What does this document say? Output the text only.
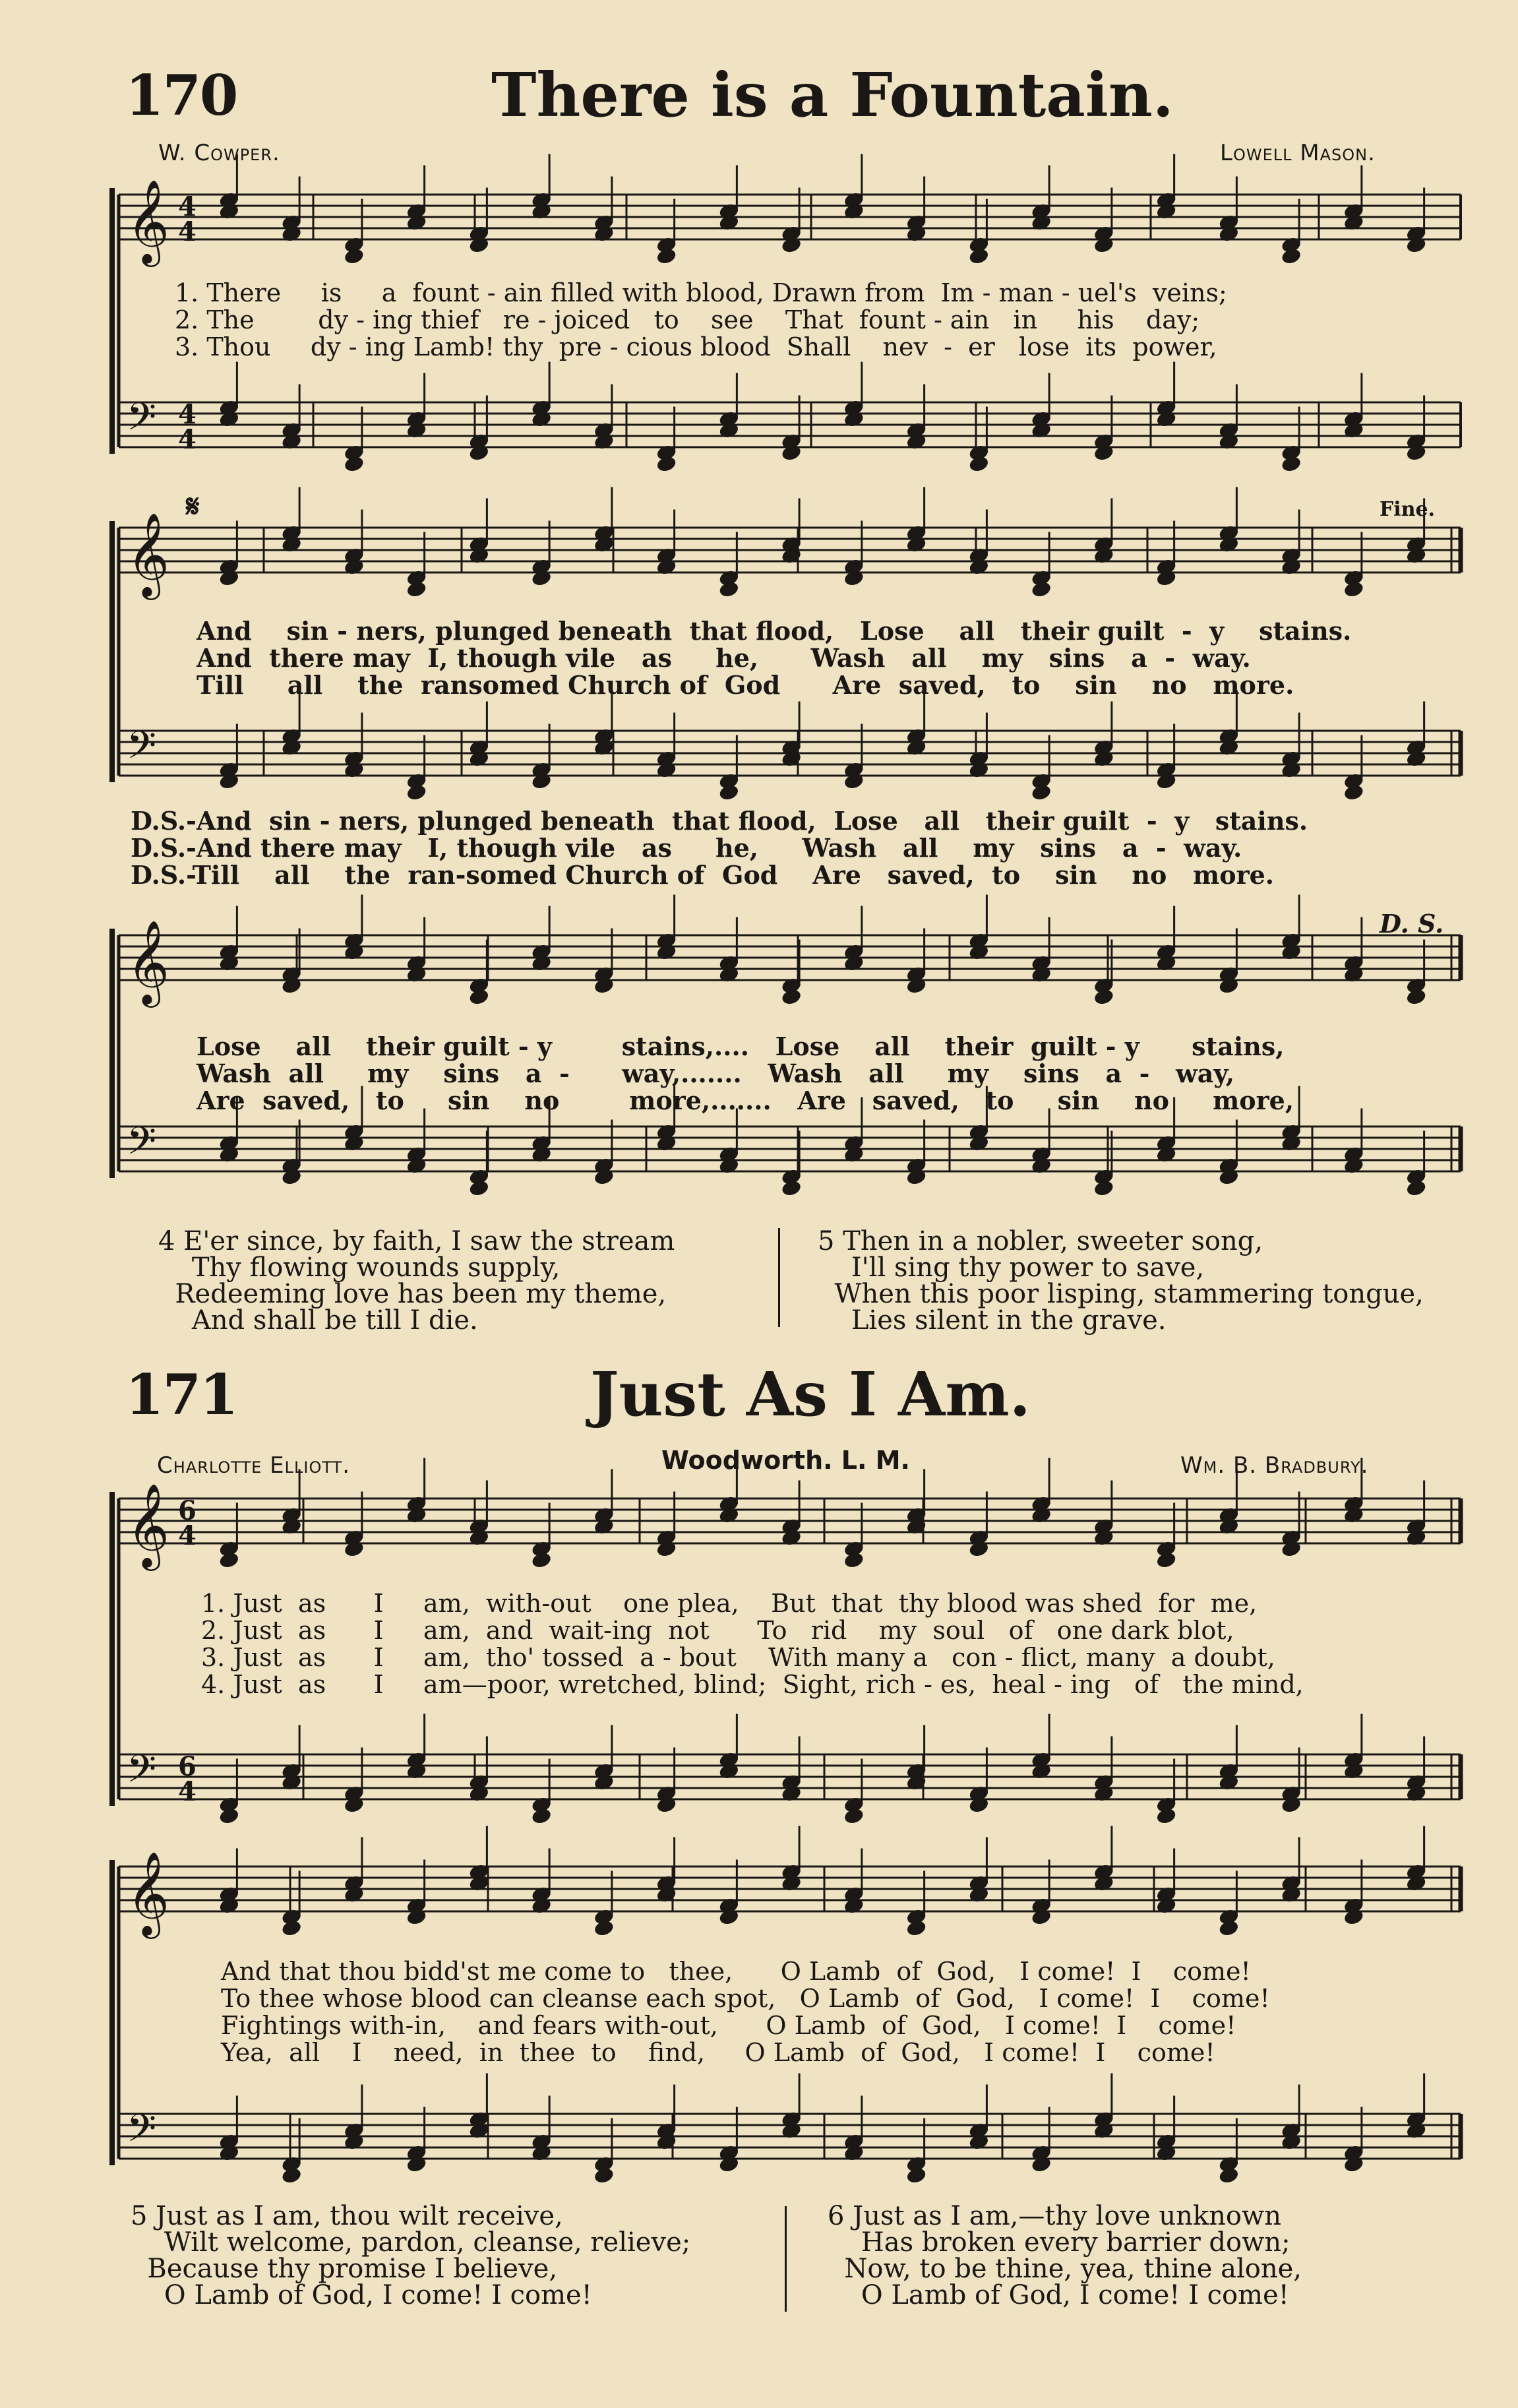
170	There is a Fountain.
W. Cowper.	Lowell Mason.
𝄞
𝄢
4
4
4
4
𝄞
𝄢
𝄞
𝄢
𝄞
𝄢
6
4
6
4
𝄞
𝄢
1. There     is     a  fount - ain filled with blood, Drawn from  Im - man - uel's  veins;
2. The        dy - ing thief   re - joiced   to    see    That  fount - ain   in     his    day;
3. Thou     dy - ing Lamb! thy  pre - cious blood  Shall    nev  -  er   lose  its  power,
𝄋	Fine.
And    sin - ners, plunged beneath  that flood,   Lose    all   their guilt  -  y    stains.
And  there may  I, though vile   as     he,      Wash   all    my   sins   a  -  way.
Till     all    the  ransomed Church of  God      Are  saved,   to    sin    no   more.
D.S.-And  sin - ners, plunged beneath  that flood,  Lose   all   their guilt  -  y   stains.
D.S.-And there may   I, though vile   as     he,     Wash   all    my   sins   a  -  way.
D.S.-Till    all    the  ran-somed Church of  God    Are   saved,  to    sin    no   more.
D. S.
Lose    all    their guilt - y        stains,....   Lose    all    their  guilt - y      stains,
Wash  all     my    sins   a  -      way,.......   Wash   all     my    sins   a  -   way,
Are  saved,   to     sin    no        more,.......   Are   saved,   to     sin    no     more,
4 E'er since, by faith, I saw the stream
Thy flowing wounds supply,
Redeeming love has been my theme,
And shall be till I die.
5 Then in a nobler, sweeter song,
I'll sing thy power to save,
When this poor lisping, stammering tongue,
Lies silent in the grave.
171	Just As I Am.
Charlotte Elliott.	Woodworth. L. M.	Wm. B. Bradbury.
1. Just  as      I     am,  with-out    one plea,    But  that  thy blood was shed  for  me,
2. Just  as      I     am,  and  wait-ing  not      To   rid    my  soul   of   one dark blot,
3. Just  as      I     am,  tho' tossed  a - bout    With many a   con - flict, many  a doubt,
4. Just  as      I     am—poor, wretched, blind;  Sight, rich - es,  heal - ing   of   the mind,
And that thou bidd'st me come to   thee,      O Lamb  of  God,   I come!  I    come!
To thee whose blood can cleanse each spot,   O Lamb  of  God,   I come!  I    come!
Fightings with-in,    and fears with-out,      O Lamb  of  God,   I come!  I    come!
Yea,  all    I    need,  in  thee  to    find,     O Lamb  of  God,   I come!  I    come!
5 Just as I am, thou wilt receive,
Wilt welcome, pardon, cleanse, relieve;
Because thy promise I believe,
O Lamb of God, I come! I come!
6 Just as I am,—thy love unknown
Has broken every barrier down;
Now, to be thine, yea, thine alone,
O Lamb of God, I come! I come!
